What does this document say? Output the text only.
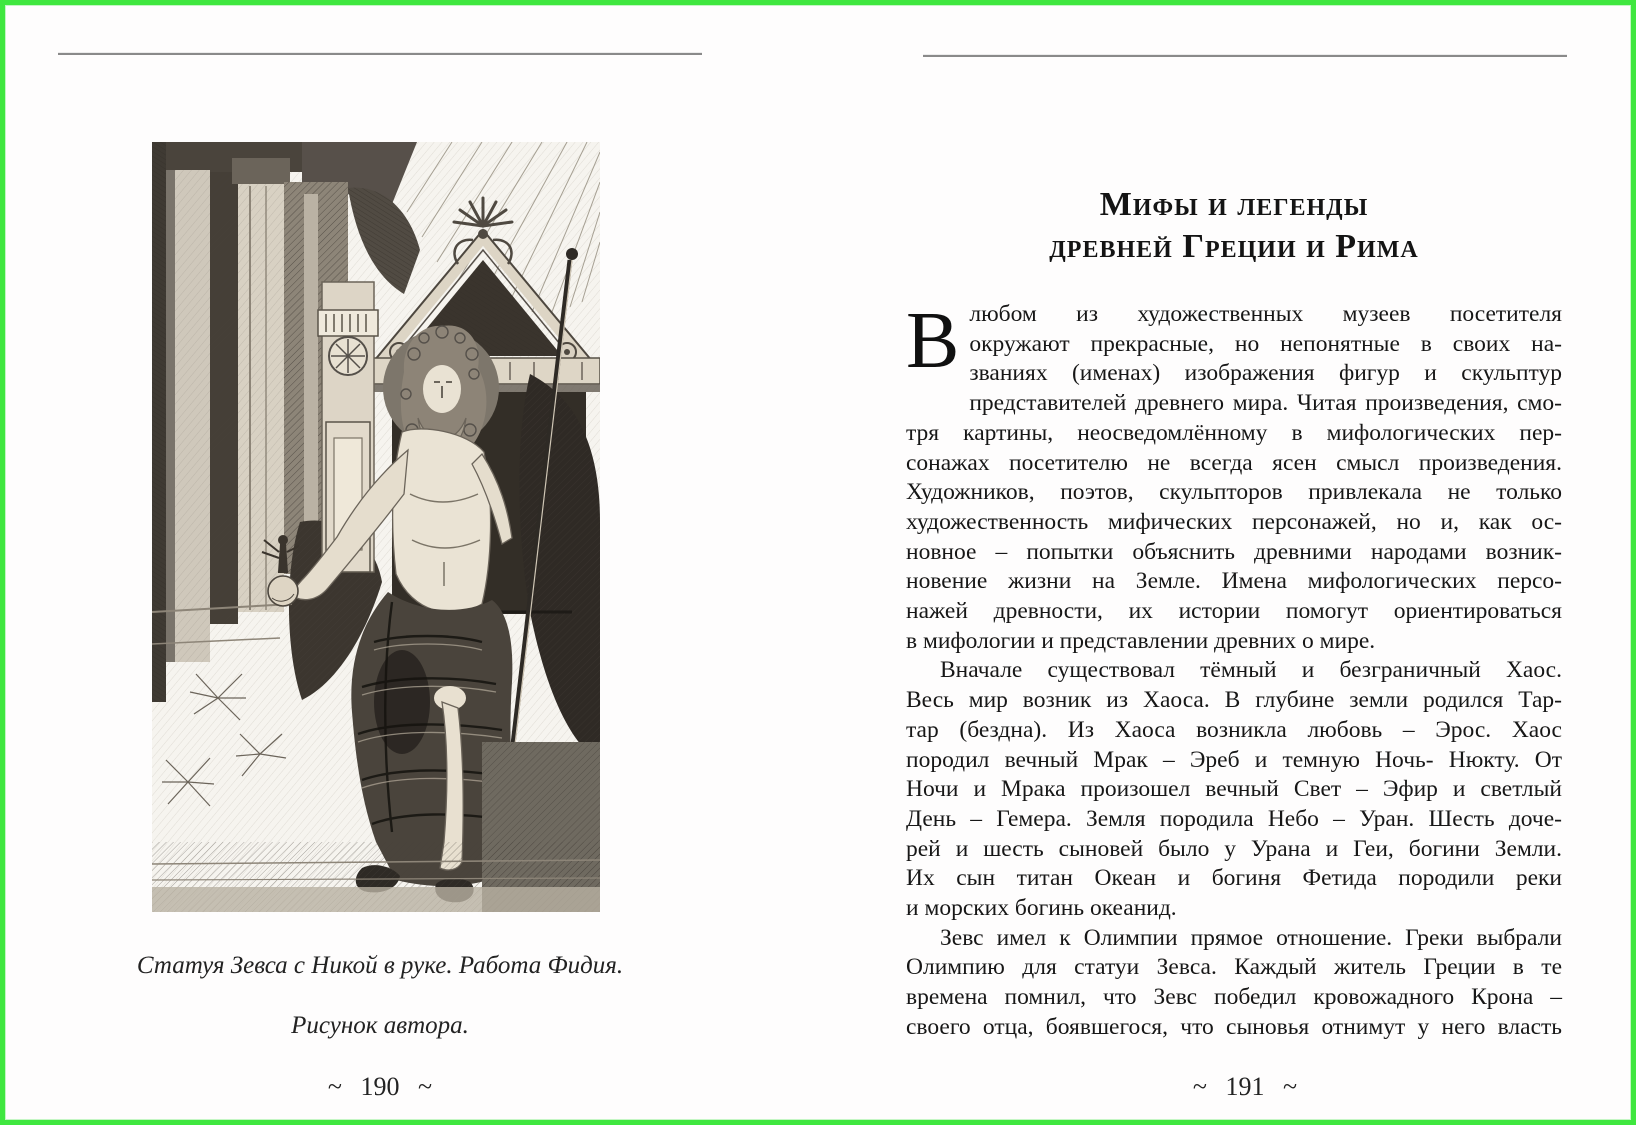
Статуя Зевса с Никой в руке. Работа Фидия.
Рисунок автора.
~ 190 ~
Мифы и легенды
древней Греции и Рима
В любом из художественных музеев посетителя
окружают прекрасные, но непонятные в своих на-
званиях (именах) изображения фигур и скульптур
представителей древнего мира. Читая произведения, смо-
тря картины, неосведомлённому в мифологических пер-
сонажах посетителю не всегда ясен смысл произведения.
Художников, поэтов, скульпторов привлекала не только
художественность мифических персонажей, но и, как ос-
новное – попытки объяснить древними народами возник-
новение жизни на Земле. Имена мифологических персо-
нажей древности, их истории помогут ориентироваться
в мифологии и представлении древних о мире.
Вначале существовал тёмный и безграничный Хаос.
Весь мир возник из Хаоса. В глубине земли родился Тар-
тар (бездна). Из Хаоса возникла любовь – Эрос. Хаос
породил вечный Мрак – Эреб и темную Ночь- Нюкту. От
Ночи и Мрака произошел вечный Свет – Эфир и светлый
День – Гемера. Земля породила Небо – Уран. Шесть доче-
рей и шесть сыновей было у Урана и Геи, богини Земли.
Их сын титан Океан и богиня Фетида породили реки
и морских богинь океанид.
Зевс имел к Олимпии прямое отношение. Греки выбрали
Олимпию для статуи Зевса. Каждый житель Греции в те
времена помнил, что Зевс победил кровожадного Крона –
своего отца, боявшегося, что сыновья отнимут у него власть
~ 191 ~
